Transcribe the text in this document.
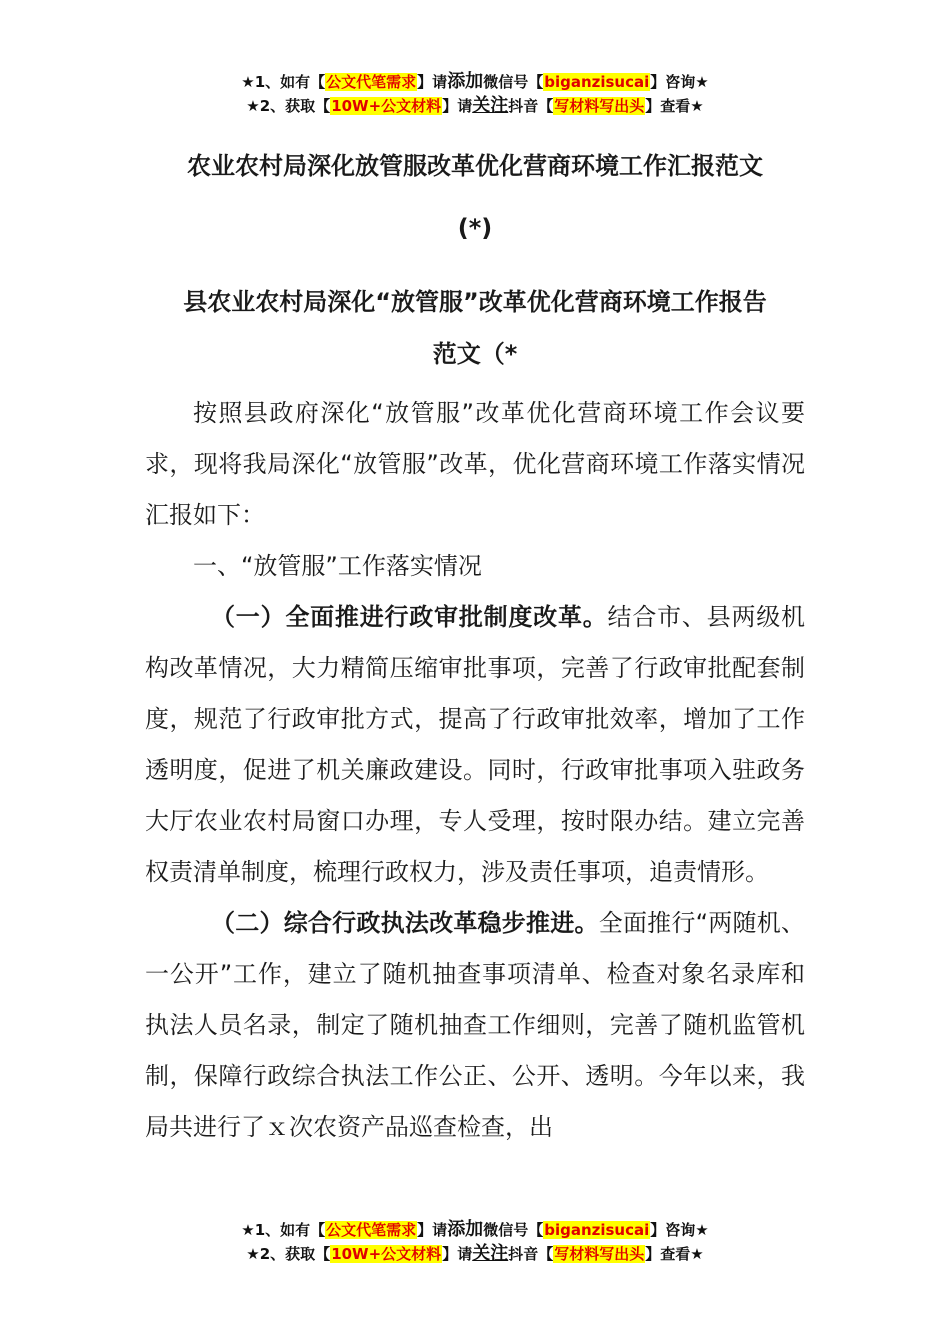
★1、如有【公文代笔需求】请添加微信号【biganzisucai】咨询★
★2、获取【10W+公文材料】请关注抖音【写材料写出头】查看★
农业农村局深化放管服改革优化营商环境工作汇报范文
(*)
县农业农村局深化“放管服”改革优化营商环境工作报告
范文（*

按照县政府深化“放管服”改革优化营商环境工作会议要求，现将我局深化“放管服”改革，优化营商环境工作落实情况汇报如下：

一、“放管服”工作落实情况

（一）全面推进行政审批制度改革。结合市、县两级机构改革情况，大力精简压缩审批事项，完善了行政审批配套制度，规范了行政审批方式，提高了行政审批效率，增加了工作透明度，促进了机关廉政建设。同时，行政审批事项入驻政务大厅农业农村局窗口办理，专人受理，按时限办结。建立完善权责清单制度，梳理行政权力，涉及责任事项，追责情形。

（二）综合行政执法改革稳步推进。全面推行“两随机、一公开”工作，建立了随机抽查事项清单、检查对象名录库和执法人员名录，制定了随机抽查工作细则，完善了随机监管机制，保障行政综合执法工作公正、公开、透明。今年以来，我局共进行了ｘ次农资产品巡查检查，出

★1、如有【公文代笔需求】请添加微信号【biganzisucai】咨询★
★2、获取【10W+公文材料】请关注抖音【写材料写出头】查看★
